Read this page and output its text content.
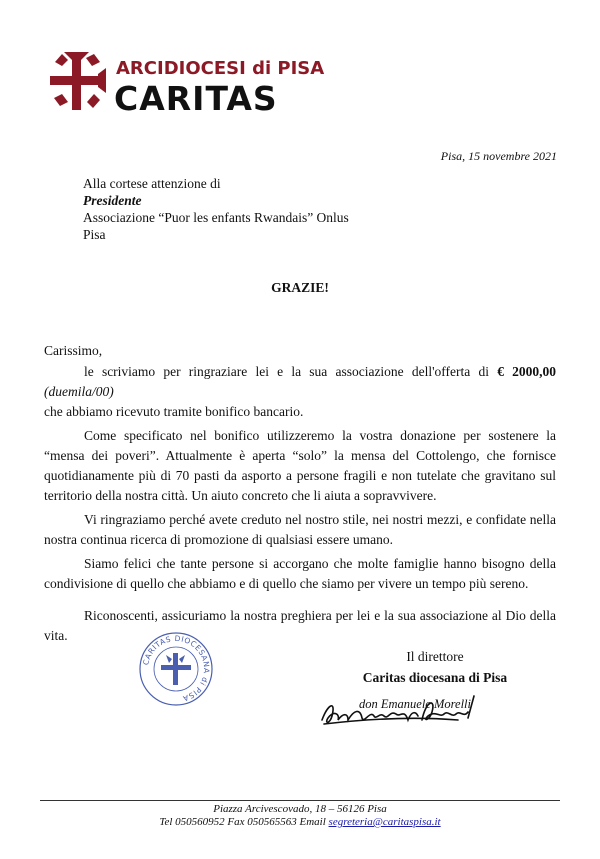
ARCIDIOCESI di PISA
CARITAS
Pisa, 15 novembre 2021
Alla cortese attenzione di
Presidente
Associazione “Puor les enfants Rwandais” Onlus
Pisa
GRAZIE!

Carissimo,

le scriviamo per ringraziare lei e la sua associazione dell'offerta di € 2000,00 (duemila/00)

che abbiamo ricevuto tramite bonifico bancario.

Come specificato nel bonifico utilizzeremo la vostra donazione per sostenere la “mensa dei poveri”. Attualmente è aperta “solo” la mensa del Cottolengo, che fornisce quotidianamente più di 70 pasti da asporto a persone fragili e non tutelate che gravitano sul territorio della nostra città. Un aiuto concreto che li aiuta a sopravvivere.

Vi ringraziamo perché avete creduto nel nostro stile, nei nostri mezzi, e confidate nella nostra continua ricerca di promozione di qualsiasi essere umano.

Siamo felici che tante persone si accorgano che molte famiglie hanno bisogno della condivisione di quello che abbiamo e di quello che siamo per vivere un tempo più sereno.

Riconoscenti, assicuriamo la nostra preghiera per lei e la sua associazione al Dio della vita.

CARITAS DIOCESANA di PISA
Il direttore
Caritas diocesana di Pisa
don Emanuele Morelli
Piazza Arcivescovado, 18 – 56126 Pisa
Tel 050560952 Fax 050565563 Email segreteria@caritaspisa.it
